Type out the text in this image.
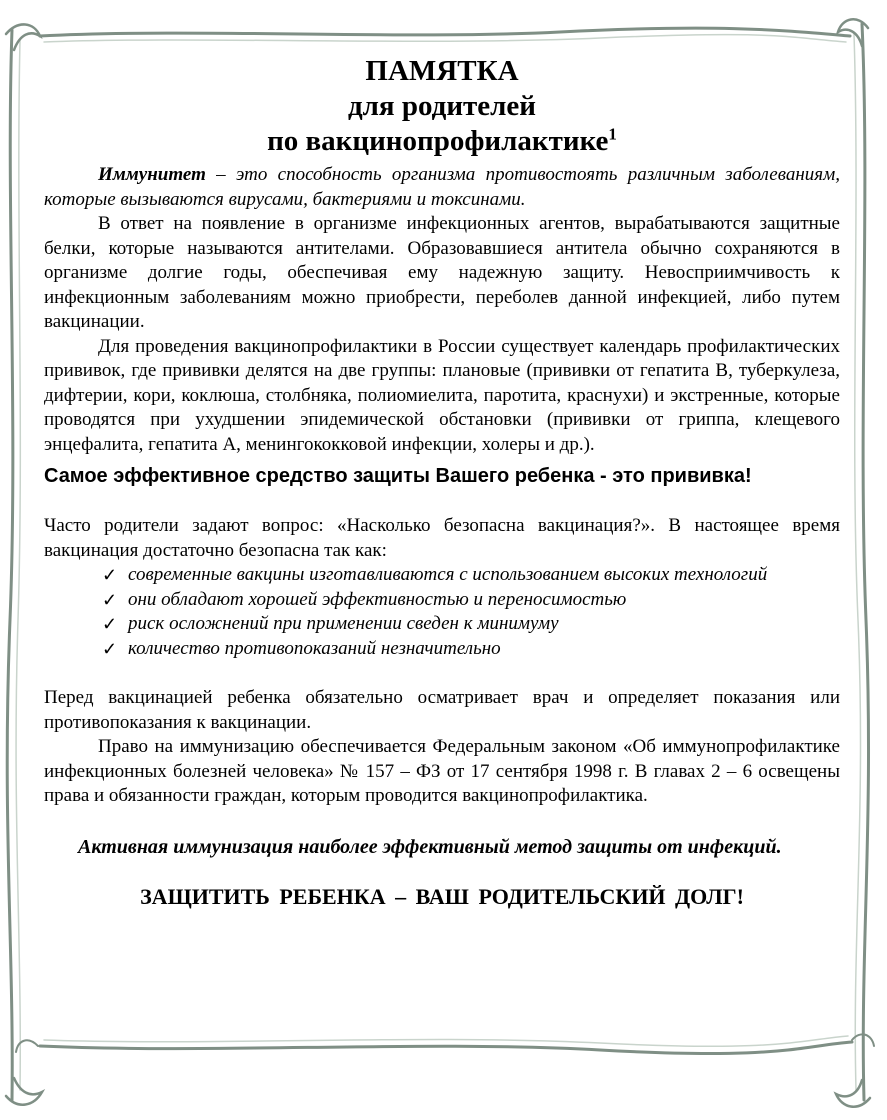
ПАМЯТКА
для родителей
по вакцинопрофилактике$^1$

Иммунитет – это способность организма противостоять различным заболеваниям, которые вызываются вирусами, бактериями и токсинами.

В ответ на появление в организме инфекционных агентов, вырабатываются защитные белки, которые называются антителами. Образовавшиеся антитела обычно сохраняются в организме долгие годы, обеспечивая ему надежную защиту. Невосприимчивость к инфекционным заболеваниям можно приобрести, переболев данной инфекцией, либо путем вакцинации.

Для проведения вакцинопрофилактики в России существует календарь профилактических прививок, где прививки делятся на две группы: плановые (прививки от гепатита В, туберкулеза, дифтерии, кори, коклюша, столбняка, полиомиелита, паротита, краснухи) и экстренные, которые проводятся при ухудшении эпидемической обстановки (прививки от гриппа, клещевого энцефалита, гепатита А, менингококковой инфекции, холеры и др.).

Самое эффективное средство защиты Вашего ребенка - это прививка!

Часто родители задают вопрос: «Насколько безопасна вакцинация?». В настоящее время вакцинация достаточно безопасна так как:

✓ современные вакцины изготавливаются с использованием высоких технологий
✓ они обладают хорошей эффективностью и переносимостью
✓ риск осложнений при применении сведен к минимуму
✓ количество противопоказаний незначительно

Перед вакцинацией ребенка обязательно осматривает врач и определяет показания или противопоказания к вакцинации.

Право на иммунизацию обеспечивается Федеральным законом «Об иммунопрофилактике инфекционных болезней человека» № 157 – ФЗ от 17 сентября 1998 г. В главах 2 – 6 освещены права и обязанности граждан, которым проводится вакцинопрофилактика.

Активная иммунизация наиболее эффективный метод защиты от инфекций.

ЗАЩИТИТЬ РЕБЕНКА – ВАШ РОДИТЕЛЬСКИЙ ДОЛГ!
